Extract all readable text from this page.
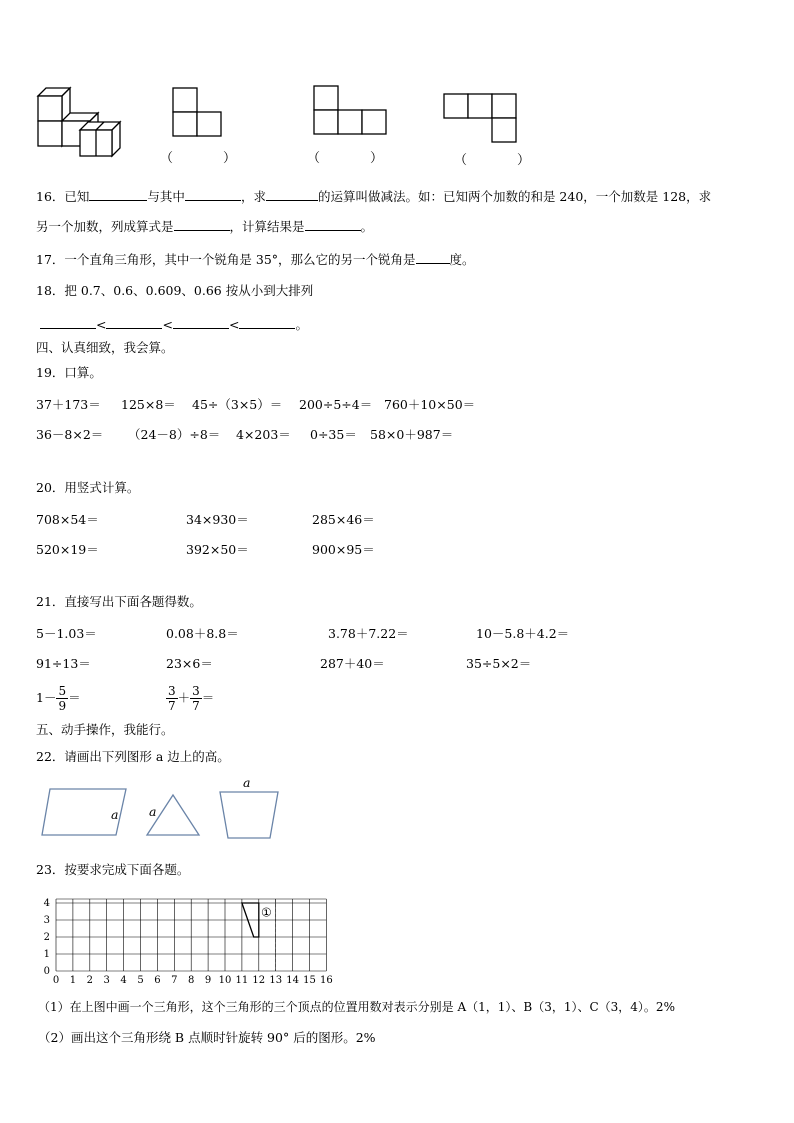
（	）	（	）	（	）
16．已知	与其中	，求	的运算叫做减法。如：已知两个加数的和是 240，一个加数是 128，求
另一个加数，列成算式是	，计算结果是	。
17．一个直角三角形，其中一个锐角是 35°，那么它的另一个锐角是	度。
18．把 0.7、0.6、0.609、0.66 按从小到大排列
<	<	<	。
四、认真细致，我会算。
19．口算。
37＋173＝ 125×8＝ 45÷（3×5）＝ 200÷5÷4＝ 760＋10×50＝
36－8×2＝ （24－8）÷8＝ 4×203＝ 0÷35＝ 58×0＋987＝
20．用竖式计算。
708×54＝	34×930＝	285×46＝
520×19＝	392×50＝	900×95＝
21．直接写出下面各题得数。
5－1.03＝	0.08＋8.8＝	3.78＋7.22＝	10－5.8＋4.2＝
91÷13＝	23×6＝	287＋40＝	35÷5×2＝
$1- \frac{5}{9}$ ＝	$\frac{3}{7} + \frac{3}{7}$ ＝
五、动手操作，我能行。
22．请画出下列图形 a 边上的高。
a a
a
23．按要求完成下面各题。
0 1 2 3 4 5 6 7 8 9 10 11 12 13 14 15 16
0
1
2
3
4
①
（1）在上图中画一个三角形，这个三角形的三个顶点的位置用数对表示分别是 A（1，1）、B（3，1）、C（3，4）。2%
（2）画出这个三角形绕 B 点顺时针旋转 90° 后的图形。2%
